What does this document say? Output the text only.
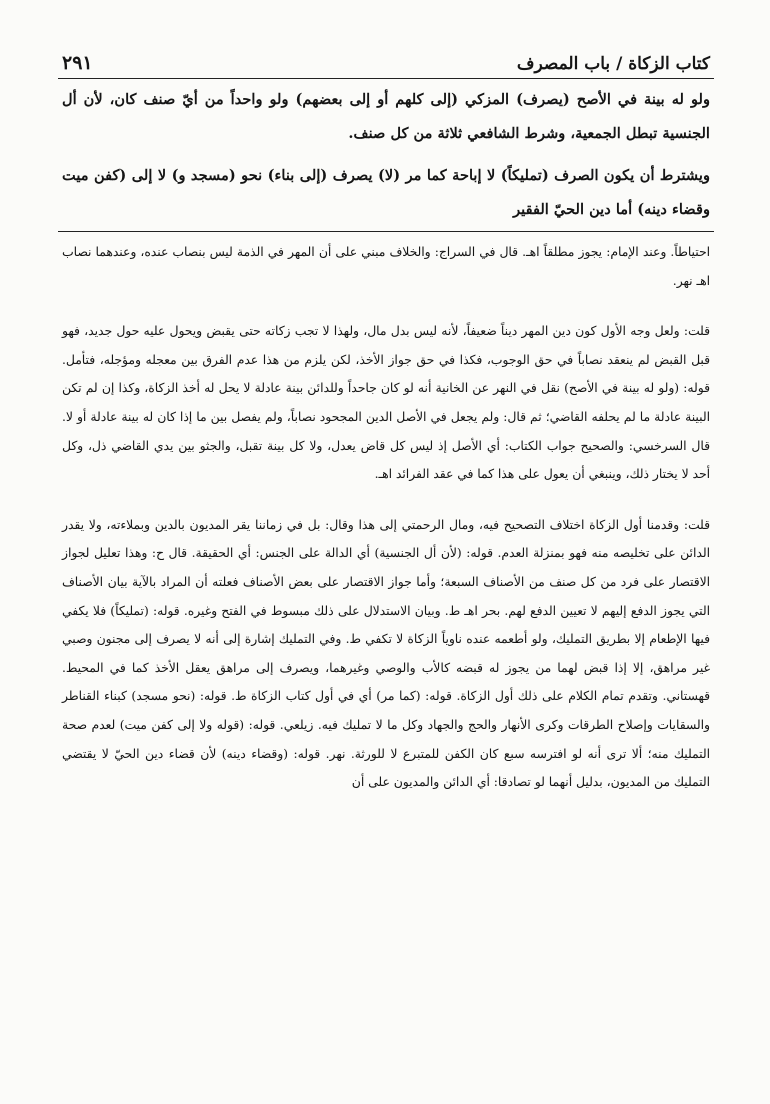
كتاب الزكاة / باب المصرف
٢٩١

ولو له بينة في الأصح (يصرف) المزكي (إلى كلهم أو إلى بعضهم) ولو واحداً من أيّ صنف كان، لأن أل الجنسية تبطل الجمعية، وشرط الشافعي ثلاثة من كل صنف.

ويشترط أن يكون الصرف (تمليكاً) لا إباحة كما مر (لا) يصرف (إلى بناء) نحو (مسجد و) لا إلى (كفن ميت وقضاء دينه) أما دين الحيّ الفقير

احتياطاً. وعند الإمام: يجوز مطلقاً اهـ. قال في السراج: والخلاف مبني على أن المهر في الذمة ليس بنصاب عنده، وعندهما نصاب اهـ نهر.

قلت: ولعل وجه الأول كون دين المهر ديناً ضعيفاً، لأنه ليس بدل مال، ولهذا لا تجب زكاته حتى يقبض ويحول عليه حول جديد، فهو قبل القبض لم ينعقد نصاباً في حق الوجوب، فكذا في حق جواز الأخذ، لكن يلزم من هذا عدم الفرق بين معجله ومؤجله، فتأمل. قوله: (ولو له بينة في الأصح) نقل في النهر عن الخانية أنه لو كان جاحداً وللدائن بينة عادلة لا يحل له أخذ الزكاة، وكذا إن لم تكن البينة عادلة ما لم يحلفه القاضي؛ ثم قال: ولم يجعل في الأصل الدين المجحود نصاباً، ولم يفصل بين ما إذا كان له بينة عادلة أو لا. قال السرخسي: والصحيح جواب الكتاب: أي الأصل إذ ليس كل قاض يعدل، ولا كل بينة تقبل، والجثو بين يدي القاضي ذل، وكل أحد لا يختار ذلك، وينبغي أن يعول على هذا كما في عقد الفرائد اهـ.

قلت: وقدمنا أول الزكاة اختلاف التصحيح فيه، ومال الرحمتي إلى هذا وقال: بل في زماننا يقر المديون بالدين وبملاءته، ولا يقدر الدائن على تخليصه منه فهو بمنزلة العدم. قوله: (لأن أل الجنسية) أي الدالة على الجنس: أي الحقيقة. قال ح: وهذا تعليل لجواز الاقتصار على فرد من كل صنف من الأصناف السبعة؛ وأما جواز الاقتصار على بعض الأصناف فعلته أن المراد بالآية بيان الأصناف التي يجوز الدفع إليهم لا تعيين الدفع لهم. بحر اهـ ط. وبيان الاستدلال على ذلك مبسوط في الفتح وغيره. قوله: (تمليكاً) فلا يكفي فيها الإطعام إلا بطريق التمليك، ولو أطعمه عنده ناوياً الزكاة لا تكفي ط. وفي التمليك إشارة إلى أنه لا يصرف إلى مجنون وصبي غير مراهق، إلا إذا قبض لهما من يجوز له قبضه كالأب والوصي وغيرهما، ويصرف إلى مراهق يعقل الأخذ كما في المحيط. قهستاني. وتقدم تمام الكلام على ذلك أول الزكاة. قوله: (كما مر) أي في أول كتاب الزكاة ط. قوله: (نحو مسجد) كبناء القناطر والسقايات وإصلاح الطرقات وكرى الأنهار والحج والجهاد وكل ما لا تمليك فيه. زيلعي. قوله: (قوله ولا إلى كفن ميت) لعدم صحة التمليك منه؛ ألا ترى أنه لو افترسه سبع كان الكفن للمتبرع لا للورثة. نهر. قوله: (وقضاء دينه) لأن قضاء دين الحيّ لا يقتضي التمليك من المديون، بدليل أنهما لو تصادقا: أي الدائن والمديون على أن
